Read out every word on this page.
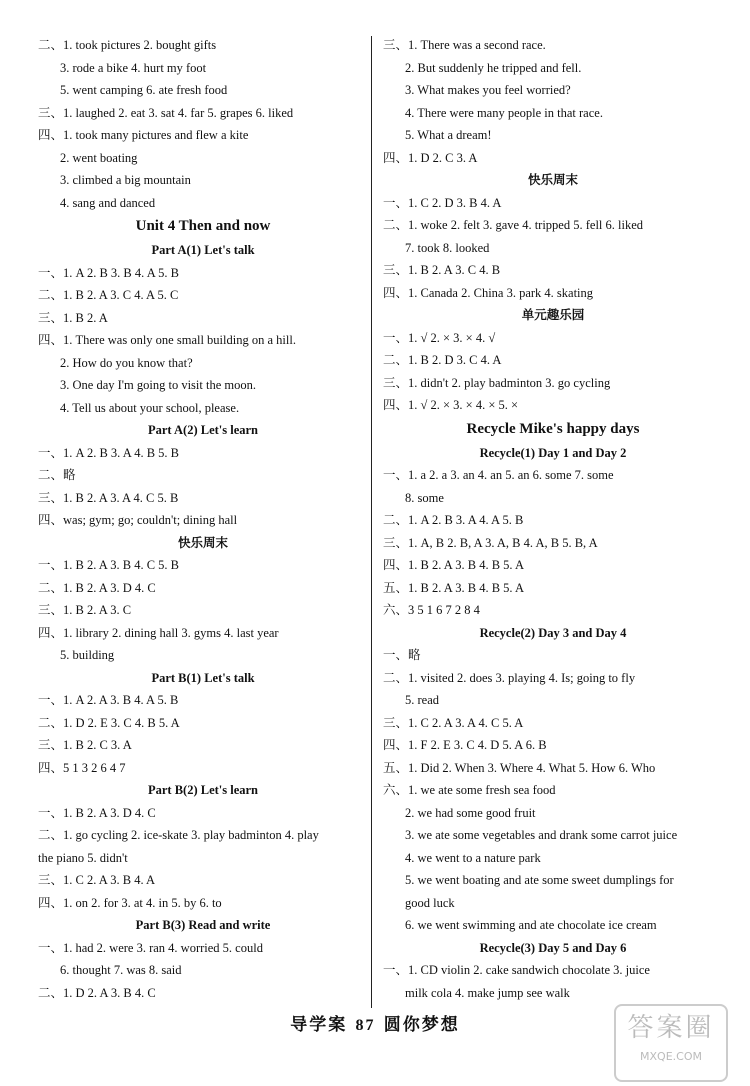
二、1. took pictures 2. bought gifts
3. rode a bike 4. hurt my foot
5. went camping 6. ate fresh food
三、1. laughed 2. eat 3. sat 4. far 5. grapes 6. liked
四、1. took many pictures and flew a kite
2. went boating
3. climbed a big mountain
4. sang and danced
Unit 4 Then and now
Part A(1) Let's talk
一、1. A 2. B 3. B 4. A 5. B
二、1. B 2. A 3. C 4. A 5. C
三、1. B 2. A
四、1. There was only one small building on a hill.
2. How do you know that?
3. One day I'm going to visit the moon.
4. Tell us about your school, please.
Part A(2) Let's learn
一、1. A 2. B 3. A 4. B 5. B
二、略
三、1. B 2. A 3. A 4. C 5. B
四、was; gym; go; couldn't; dining hall
快乐周末
一、1. B 2. A 3. B 4. C 5. B
二、1. B 2. A 3. D 4. C
三、1. B 2. A 3. C
四、1. library 2. dining hall 3. gyms 4. last year
5. building
Part B(1) Let's talk
一、1. A 2. A 3. B 4. A 5. B
二、1. D 2. E 3. C 4. B 5. A
三、1. B 2. C 3. A
四、5 1 3 2 6 4 7
Part B(2) Let's learn
一、1. B 2. A 3. D 4. C
二、1. go cycling 2. ice-skate 3. play badminton 4. play
the piano 5. didn't
三、1. C 2. A 3. B 4. A
四、1. on 2. for 3. at 4. in 5. by 6. to
Part B(3) Read and write
一、1. had 2. were 3. ran 4. worried 5. could
6. thought 7. was 8. said
二、1. D 2. A 3. B 4. C
三、1. There was a second race.
2. But suddenly he tripped and fell.
3. What makes you feel worried?
4. There were many people in that race.
5. What a dream!
四、1. D 2. C 3. A
快乐周末
一、1. C 2. D 3. B 4. A
二、1. woke 2. felt 3. gave 4. tripped 5. fell 6. liked
7. took 8. looked
三、1. B 2. A 3. C 4. B
四、1. Canada 2. China 3. park 4. skating
单元趣乐园
一、1. √ 2. × 3. × 4. √
二、1. B 2. D 3. C 4. A
三、1. didn't 2. play badminton 3. go cycling
四、1. √ 2. × 3. × 4. × 5. ×
Recycle Mike's happy days
Recycle(1) Day 1 and Day 2
一、1. a 2. a 3. an 4. an 5. an 6. some 7. some
8. some
二、1. A 2. B 3. A 4. A 5. B
三、1. A, B 2. B, A 3. A, B 4. A, B 5. B, A
四、1. B 2. A 3. B 4. B 5. A
五、1. B 2. A 3. B 4. B 5. A
六、3 5 1 6 7 2 8 4
Recycle(2) Day 3 and Day 4
一、略
二、1. visited 2. does 3. playing 4. Is; going to fly
5. read
三、1. C 2. A 3. A 4. C 5. A
四、1. F 2. E 3. C 4. D 5. A 6. B
五、1. Did 2. When 3. Where 4. What 5. How 6. Who
六、1. we ate some fresh sea food
2. we had some good fruit
3. we ate some vegetables and drank some carrot juice
4. we went to a nature park
5. we went boating and ate some sweet dumplings for
good luck
6. we went swimming and ate chocolate ice cream
Recycle(3) Day 5 and Day 6
一、1. CD violin 2. cake sandwich chocolate 3. juice
milk cola 4. make jump see walk
导学案 87 圆你梦想	答案圈
MXQE.COM
